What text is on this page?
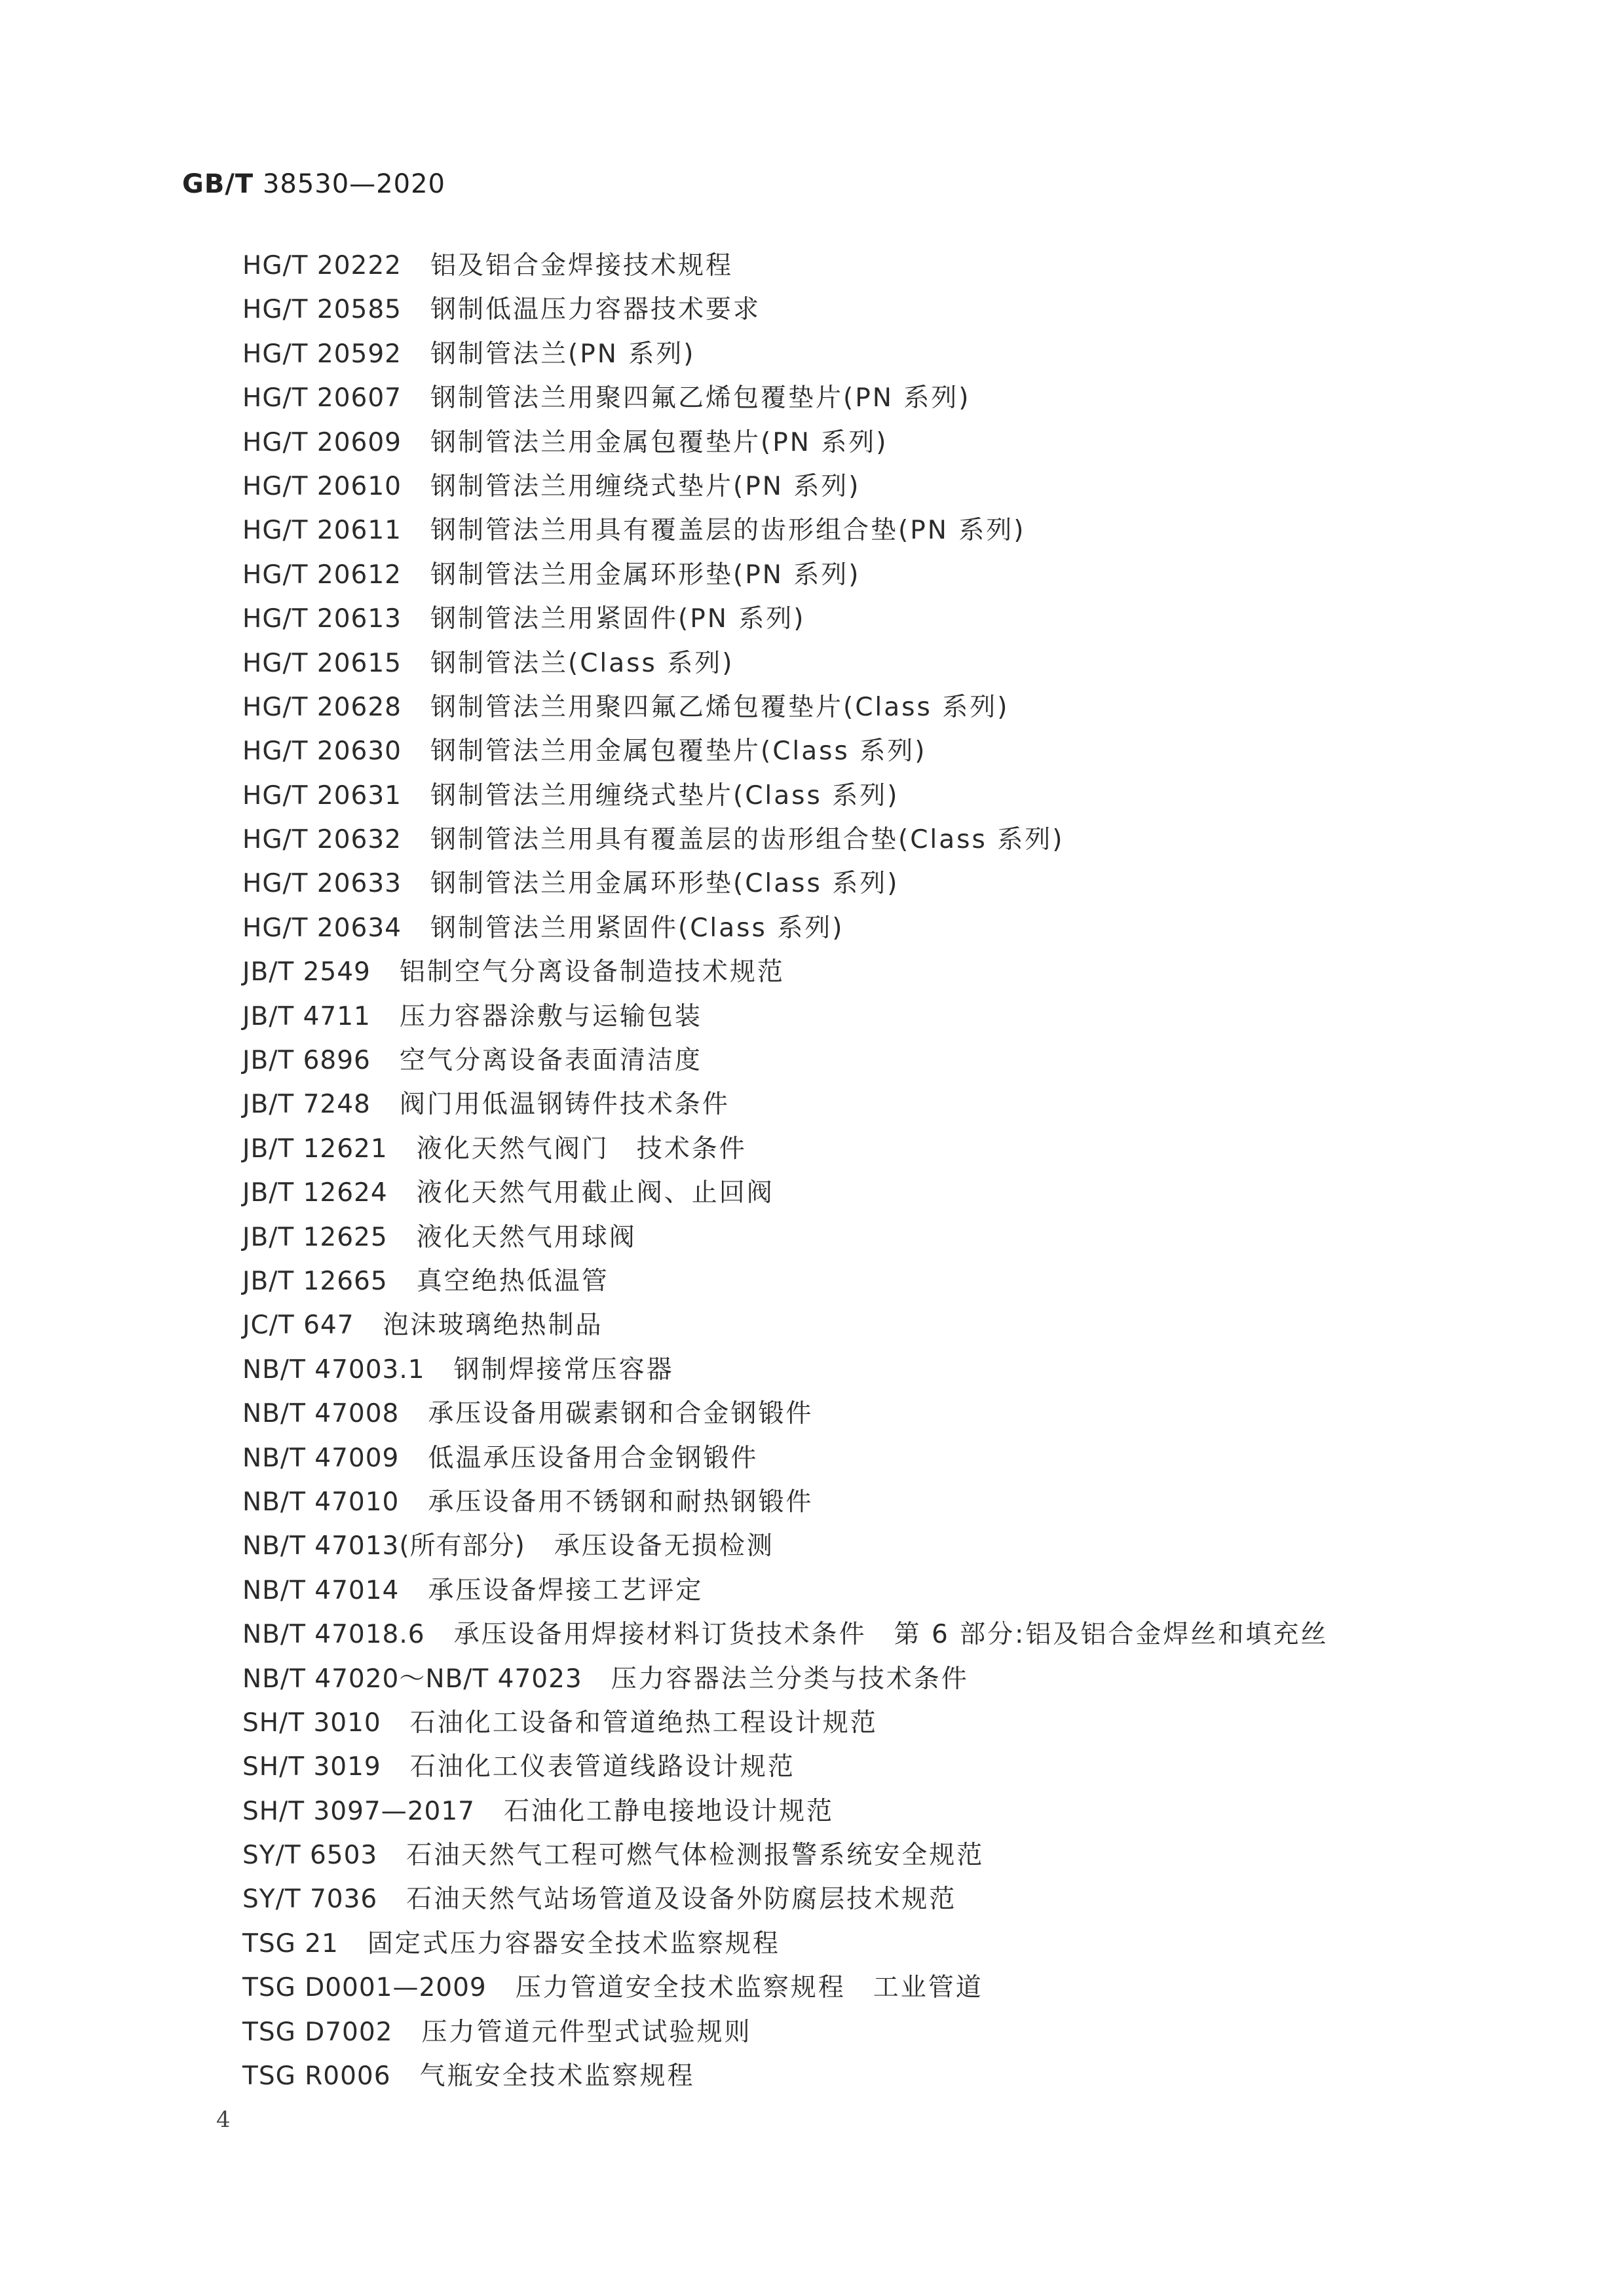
GB/T 38530—2020
HG/T 20222 铝及铝合金焊接技术规程
HG/T 20585 钢制低温压力容器技术要求
HG/T 20592 钢制管法兰(PN 系列)
HG/T 20607 钢制管法兰用聚四氟乙烯包覆垫片(PN 系列)
HG/T 20609 钢制管法兰用金属包覆垫片(PN 系列)
HG/T 20610 钢制管法兰用缠绕式垫片(PN 系列)
HG/T 20611 钢制管法兰用具有覆盖层的齿形组合垫(PN 系列)
HG/T 20612 钢制管法兰用金属环形垫(PN 系列)
HG/T 20613 钢制管法兰用紧固件(PN 系列)
HG/T 20615 钢制管法兰(Class 系列)
HG/T 20628 钢制管法兰用聚四氟乙烯包覆垫片(Class 系列)
HG/T 20630 钢制管法兰用金属包覆垫片(Class 系列)
HG/T 20631 钢制管法兰用缠绕式垫片(Class 系列)
HG/T 20632 钢制管法兰用具有覆盖层的齿形组合垫(Class 系列)
HG/T 20633 钢制管法兰用金属环形垫(Class 系列)
HG/T 20634 钢制管法兰用紧固件(Class 系列)
JB/T 2549 铝制空气分离设备制造技术规范
JB/T 4711 压力容器涂敷与运输包装
JB/T 6896 空气分离设备表面清洁度
JB/T 7248 阀门用低温钢铸件技术条件
JB/T 12621 液化天然气阀门　技术条件
JB/T 12624 液化天然气用截止阀、止回阀
JB/T 12625 液化天然气用球阀
JB/T 12665 真空绝热低温管
JC/T 647 泡沫玻璃绝热制品
NB/T 47003.1 钢制焊接常压容器
NB/T 47008 承压设备用碳素钢和合金钢锻件
NB/T 47009 低温承压设备用合金钢锻件
NB/T 47010 承压设备用不锈钢和耐热钢锻件
NB/T 47013(所有部分) 承压设备无损检测
NB/T 47014 承压设备焊接工艺评定
NB/T 47018.6 承压设备用焊接材料订货技术条件　第 6 部分:铝及铝合金焊丝和填充丝
NB/T 47020～NB/T 47023 压力容器法兰分类与技术条件
SH/T 3010 石油化工设备和管道绝热工程设计规范
SH/T 3019 石油化工仪表管道线路设计规范
SH/T 3097—2017 石油化工静电接地设计规范
SY/T 6503 石油天然气工程可燃气体检测报警系统安全规范
SY/T 7036 石油天然气站场管道及设备外防腐层技术规范
TSG 21 固定式压力容器安全技术监察规程
TSG D0001—2009 压力管道安全技术监察规程　工业管道
TSG D7002 压力管道元件型式试验规则
TSG R0006 气瓶安全技术监察规程
4
